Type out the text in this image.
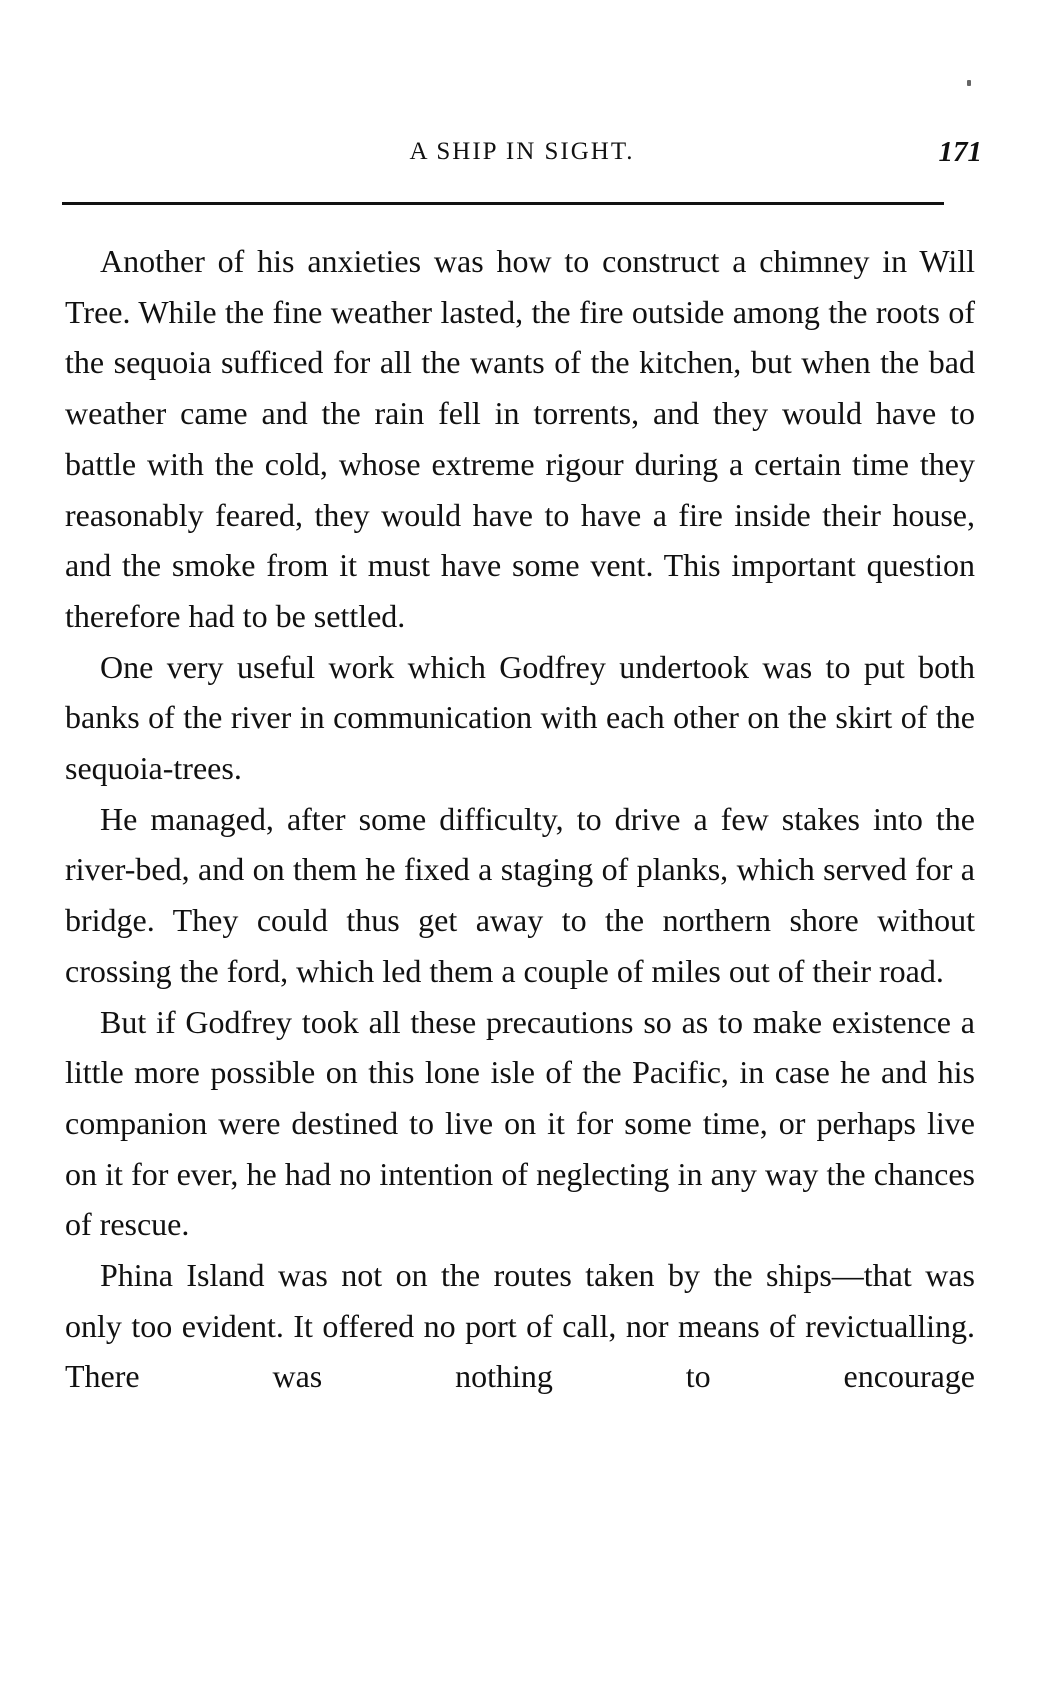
A SHIP IN SIGHT.	171

Another of his anxieties was how to construct a chimney in Will Tree. While the fine weather lasted, the fire outside among the roots of the sequoia sufficed for all the wants of the kitchen, but when the bad weather came and the rain fell in torrents, and they would have to battle with the cold, whose extreme rigour during a certain time they reasonably feared, they would have to have a fire inside their house, and the smoke from it must have some vent. This important question therefore had to be settled.

One very useful work which Godfrey undertook was to put both banks of the river in communication with each other on the skirt of the sequoia-trees.

He managed, after some difficulty, to drive a few stakes into the river-bed, and on them he fixed a staging of planks, which served for a bridge. They could thus get away to the northern shore without crossing the ford, which led them a couple of miles out of their road.

But if Godfrey took all these precautions so as to make existence a little more possible on this lone isle of the Pacific, in case he and his companion were destined to live on it for some time, or perhaps live on it for ever, he had no intention of neglecting in any way the chances of rescue.

Phina Island was not on the routes taken by the ships—that was only too evident. It offered no port of call, nor means of revictualling. There was nothing to encourage
